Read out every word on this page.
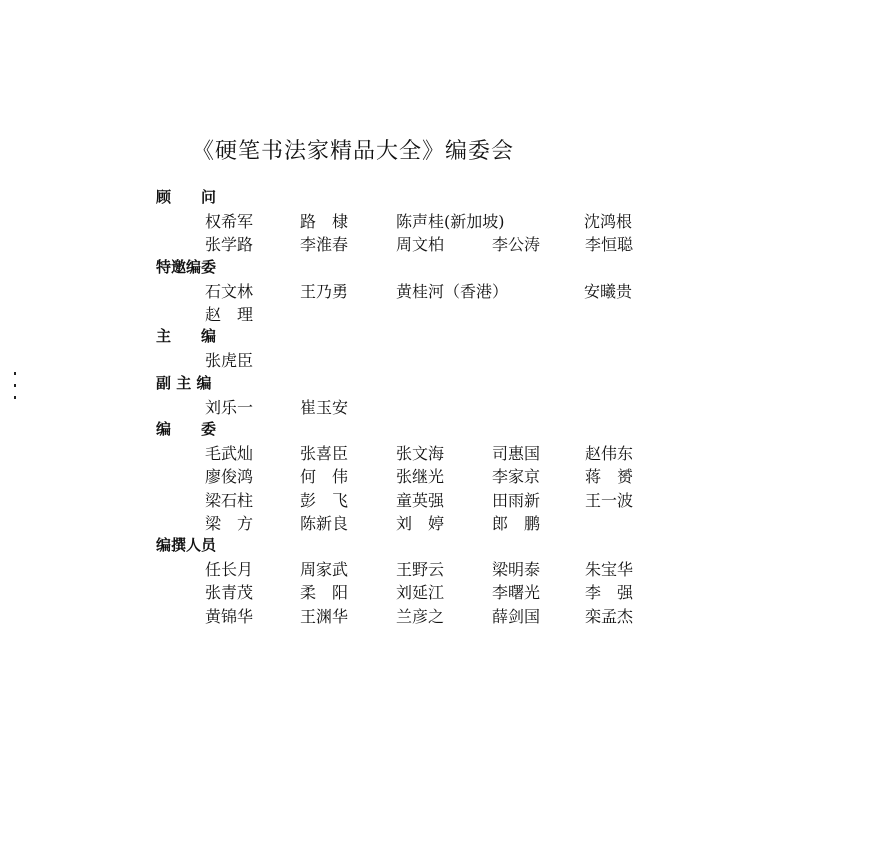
《硬笔书法家精品大全》编委会
顾　　问
权希军	路　棣	陈声桂(新加坡)	沈鸿根
张学路	李淮春	周文柏	李公涛	李恒聪
特邀编委
石文林	王乃勇	黄桂河（香港）	安曦贵
赵　理
主　　编
张虎臣
副 主 编
刘乐一	崔玉安
编　　委
毛武灿	张喜臣	张文海	司惠国	赵伟东
廖俊鸿	何　伟	张继光	李家京	蒋　赟
梁石柱	彭　飞	童英强	田雨新	王一波
梁　方	陈新良	刘　婷	郎　鹏
编撰人员
任长月	周家武	王野云	梁明泰	朱宝华
张青茂	柔　阳	刘延江	李曙光	李　强
黄锦华	王渊华	兰彦之	薛剑国	栾孟杰
